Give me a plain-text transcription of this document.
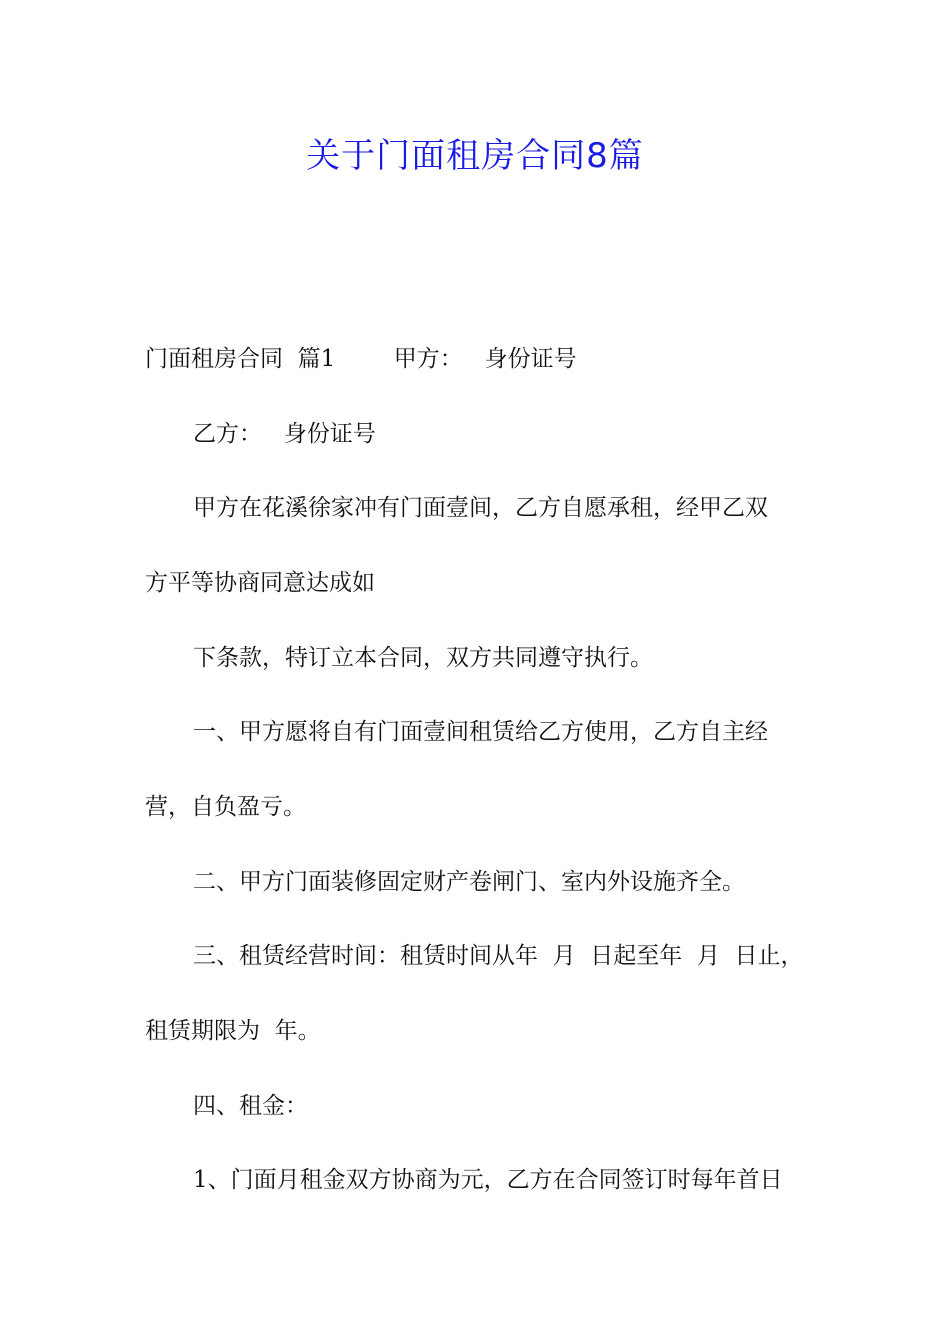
关于门面租房合同8篇

门面租房合同  篇1        甲方：   身份证号

乙方：   身份证号

甲方在花溪徐家冲有门面壹间，乙方自愿承租，经甲乙双

方平等协商同意达成如

下条款，特订立本合同，双方共同遵守执行。

一、甲方愿将自有门面壹间租赁给乙方使用，乙方自主经

营，自负盈亏。

二、甲方门面装修固定财产卷闸门、室内外设施齐全。

三、租赁经营时间：租赁时间从年  月  日起至年  月  日止，

租赁期限为  年。

四、租金：

1、门面月租金双方协商为元，乙方在合同签订时每年首日
